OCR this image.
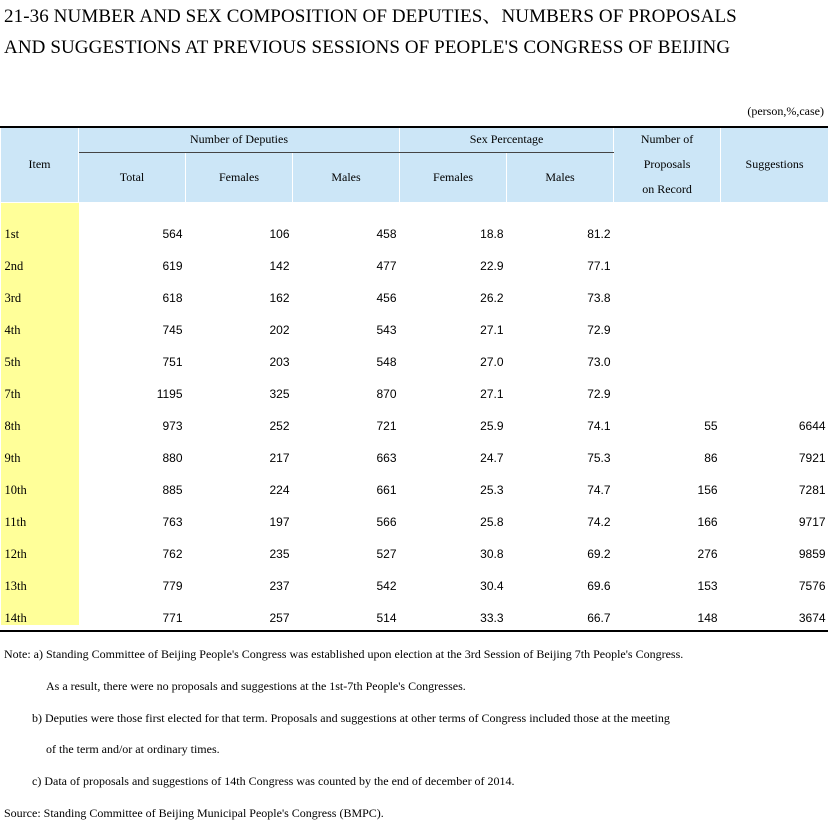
21-36 NUMBER AND SEX COMPOSITION OF DEPUTIES、NUMBERS OF PROPOSALS
AND SUGGESTIONS AT PREVIOUS SESSIONS OF PEOPLE'S CONGRESS OF BEIJING
(person,%,case)
Item	Number of Deputies			Sex Percentage		Number of
Proposals
on Record	Suggestions
	Total	Females	Males	Females	Males		
1st	564	106	458	18.8	81.2		
2nd	619	142	477	22.9	77.1		
3rd	618	162	456	26.2	73.8		
4th	745	202	543	27.1	72.9		
5th	751	203	548	27.0	73.0		
7th	1195	325	870	27.1	72.9		
8th	973	252	721	25.9	74.1	55	6644
9th	880	217	663	24.7	75.3	86	7921
10th	885	224	661	25.3	74.7	156	7281
11th	763	197	566	25.8	74.2	166	9717
12th	762	235	527	30.8	69.2	276	9859
13th	779	237	542	30.4	69.6	153	7576
14th	771	257	514	33.3	66.7	148	3674
Note: a) Standing Committee of Beijing People's Congress was established upon election at the 3rd Session of Beijing 7th People's Congress.
As a result, there were no proposals and suggestions at the 1st-7th People's Congresses.
b) Deputies were those first elected for that term. Proposals and suggestions at other terms of Congress included those at the meeting
of the term and/or at ordinary times.
c) Data of proposals and suggestions of 14th Congress was counted by the end of december of 2014.
Source: Standing Committee of Beijing Municipal People's Congress (BMPC).
